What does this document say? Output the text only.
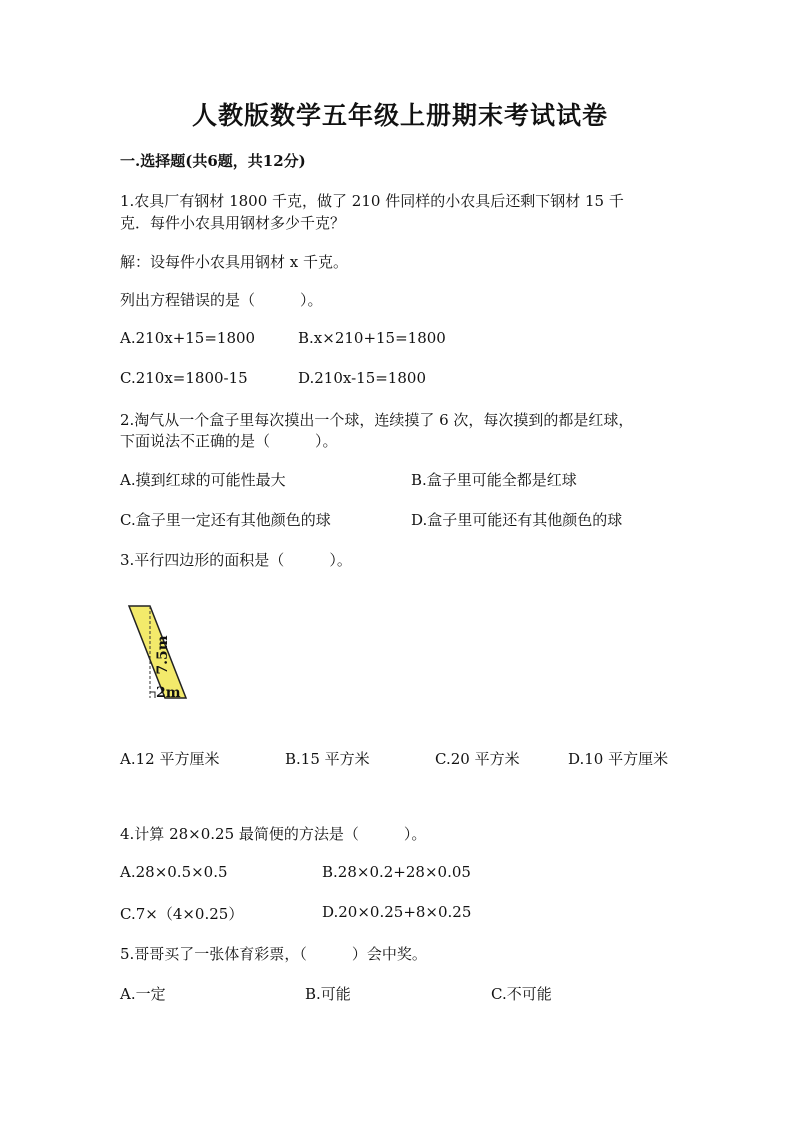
人教版数学五年级上册期末考试试卷
一.选择题(共6题，共12分)
1.农具厂有钢材 1800 千克，做了 210 件同样的小农具后还剩下钢材 15 千
克．每件小农具用钢材多少千克？
解：设每件小农具用钢材 x 千克。
列出方程错误的是（　　　）。
A.210x+15=1800	B.x×210+15=1800
C.210x=1800-15	D.210x-15=1800
2.淘气从一个盒子里每次摸出一个球，连续摸了 6 次，每次摸到的都是红球，
下面说法不正确的是（　　　）。
A.摸到红球的可能性最大	B.盒子里可能全都是红球
C.盒子里一定还有其他颜色的球	D.盒子里可能还有其他颜色的球
3.平行四边形的面积是（　　　）。
7.5m
2m
A.12 平方厘米	B.15 平方米	C.20 平方米	D.10 平方厘米
4.计算 28×0.25 最简便的方法是（　　　）。
A.28×0.5×0.5	B.28×0.2+28×0.05
C.7×（4×0.25）	D.20×0.25+8×0.25
5.哥哥买了一张体育彩票，（　　　）会中奖。
A.一定	B.可能	C.不可能
